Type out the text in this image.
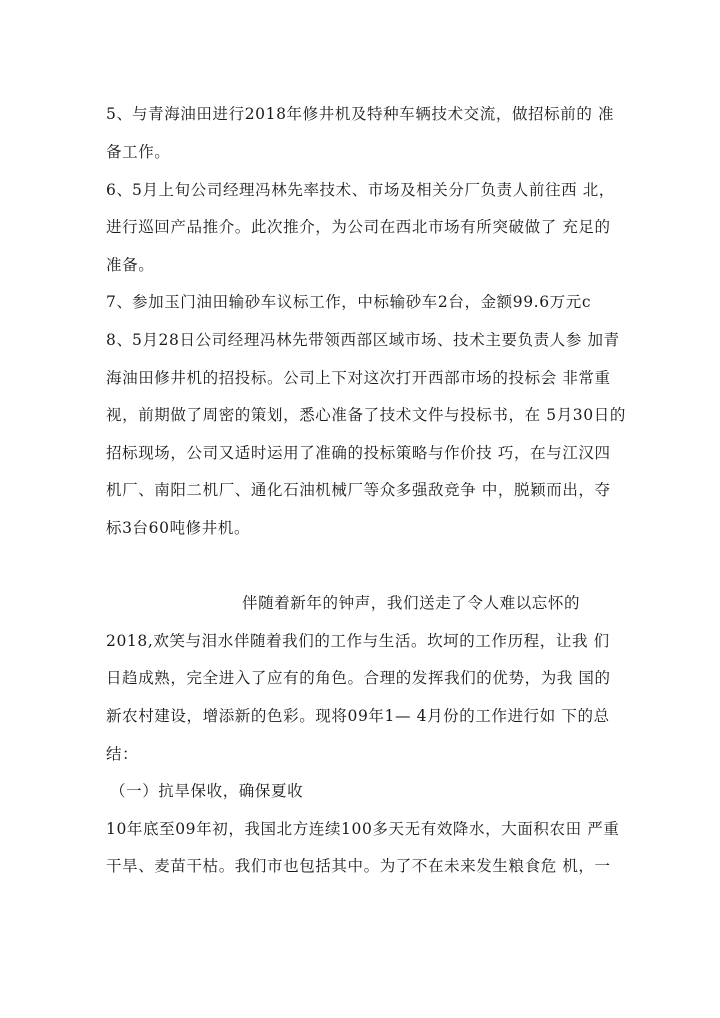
5、与青海油田进行2018年修井机及特种车辆技术交流，做招标前的 准
备工作。
6、5月上旬公司经理冯林先率技术、市场及相关分厂负责人前往西 北，
进行巡回产品推介。此次推介，为公司在西北市场有所突破做了 充足的
准备。
7、参加玉门油田输砂车议标工作，中标输砂车2台，金额99.6万元c
8、5月28日公司经理冯林先带领西部区域市场、技术主要负责人参 加青
海油田修井机的招投标。公司上下对这次打开西部市场的投标会 非常重
视，前期做了周密的策划，悉心准备了技术文件与投标书，在 5月30日的
招标现场，公司又适时运用了准确的投标策略与作价技 巧，在与江汉四
机厂、南阳二机厂、通化石油机械厂等众多强敌竞争 中，脱颖而出，夺
标3台60吨修井机。
伴随着新年的钟声，我们送走了令人难以忘怀的
2018,欢笑与泪水伴随着我们的工作与生活。坎坷的工作历程，让我 们
日趋成熟，完全进入了应有的角色。合理的发挥我们的优势，为我 国的
新农村建设，增添新的色彩。现将09年1— 4月份的工作进行如 下的总
结：
（一）抗旱保收，确保夏收
10年底至09年初，我国北方连续100多天无有效降水，大面积农田 严重
干旱、麦苗干枯。我们市也包括其中。为了不在未来发生粮食危 机，一
